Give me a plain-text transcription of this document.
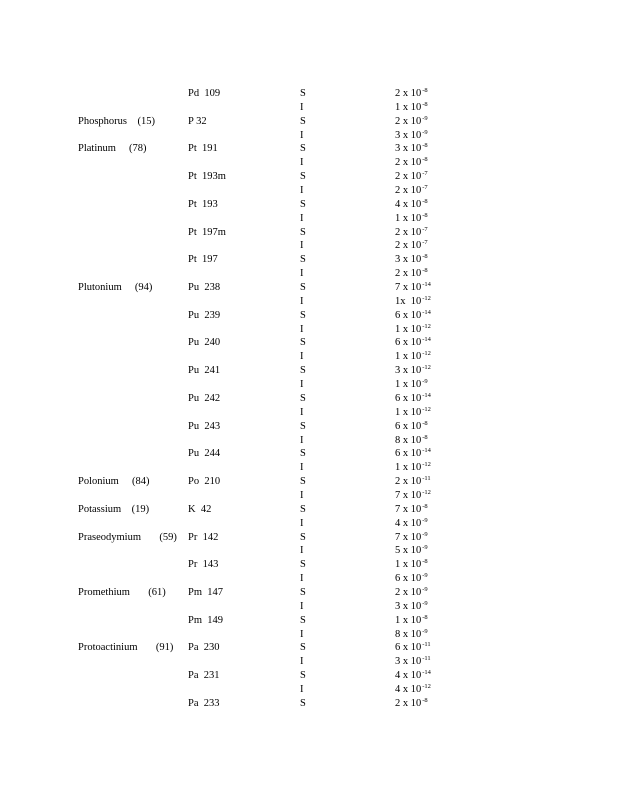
Pd  109	S	2 x $10^{-8}$
I	1 x $10^{-8}$
Phosphorus    (15)	P 32	S	2 x $10^{-9}$
I	3 x $10^{-9}$
Platinum     (78)	Pt  191	S	3 x $10^{-8}$
I	2 x $10^{-8}$
Pt  193m	S	2 x $10^{-7}$
I	2 x $10^{-7}$
Pt  193	S	4 x $10^{-8}$
I	1 x $10^{-8}$
Pt  197m	S	2 x $10^{-7}$
I	2 x $10^{-7}$
Pt  197	S	3 x $10^{-8}$
I	2 x $10^{-8}$
Plutonium     (94)	Pu  238	S	7 x $10^{-14}$
I	1x  $10^{-12}$
Pu  239	S	6 x $10^{-14}$
I	1 x $10^{-12}$
Pu  240	S	6 x $10^{-14}$
I	1 x $10^{-12}$
Pu  241	S	3 x $10^{-12}$
I	1 x $10^{-9}$
Pu  242	S	6 x $10^{-14}$
I	1 x $10^{-12}$
Pu  243	S	6 x $10^{-8}$
I	8 x $10^{-8}$
Pu  244	S	6 x $10^{-14}$
I	1 x $10^{-12}$
Polonium     (84)	Po  210	S	2 x $10^{-11}$
I	7 x $10^{-12}$
Potassium    (19)	K  42	S	7 x $10^{-8}$
I	4 x $10^{-9}$
Praseodymium       (59) Pr  142	S	7 x $10^{-9}$
I	5 x $10^{-9}$
Pr  143	S	1 x $10^{-8}$
I	6 x $10^{-9}$
Promethium       (61) Pm  147	S	2 x $10^{-9}$
I	3 x $10^{-9}$
Pm  149	S	1 x $10^{-8}$
I	8 x $10^{-9}$
Protoactinium       (91) Pa  230	S	6 x $10^{-11}$
I	3 x $10^{-11}$
Pa  231	S	4 x $10^{-14}$
I	4 x $10^{-12}$
Pa  233	S	2 x $10^{-8}$
